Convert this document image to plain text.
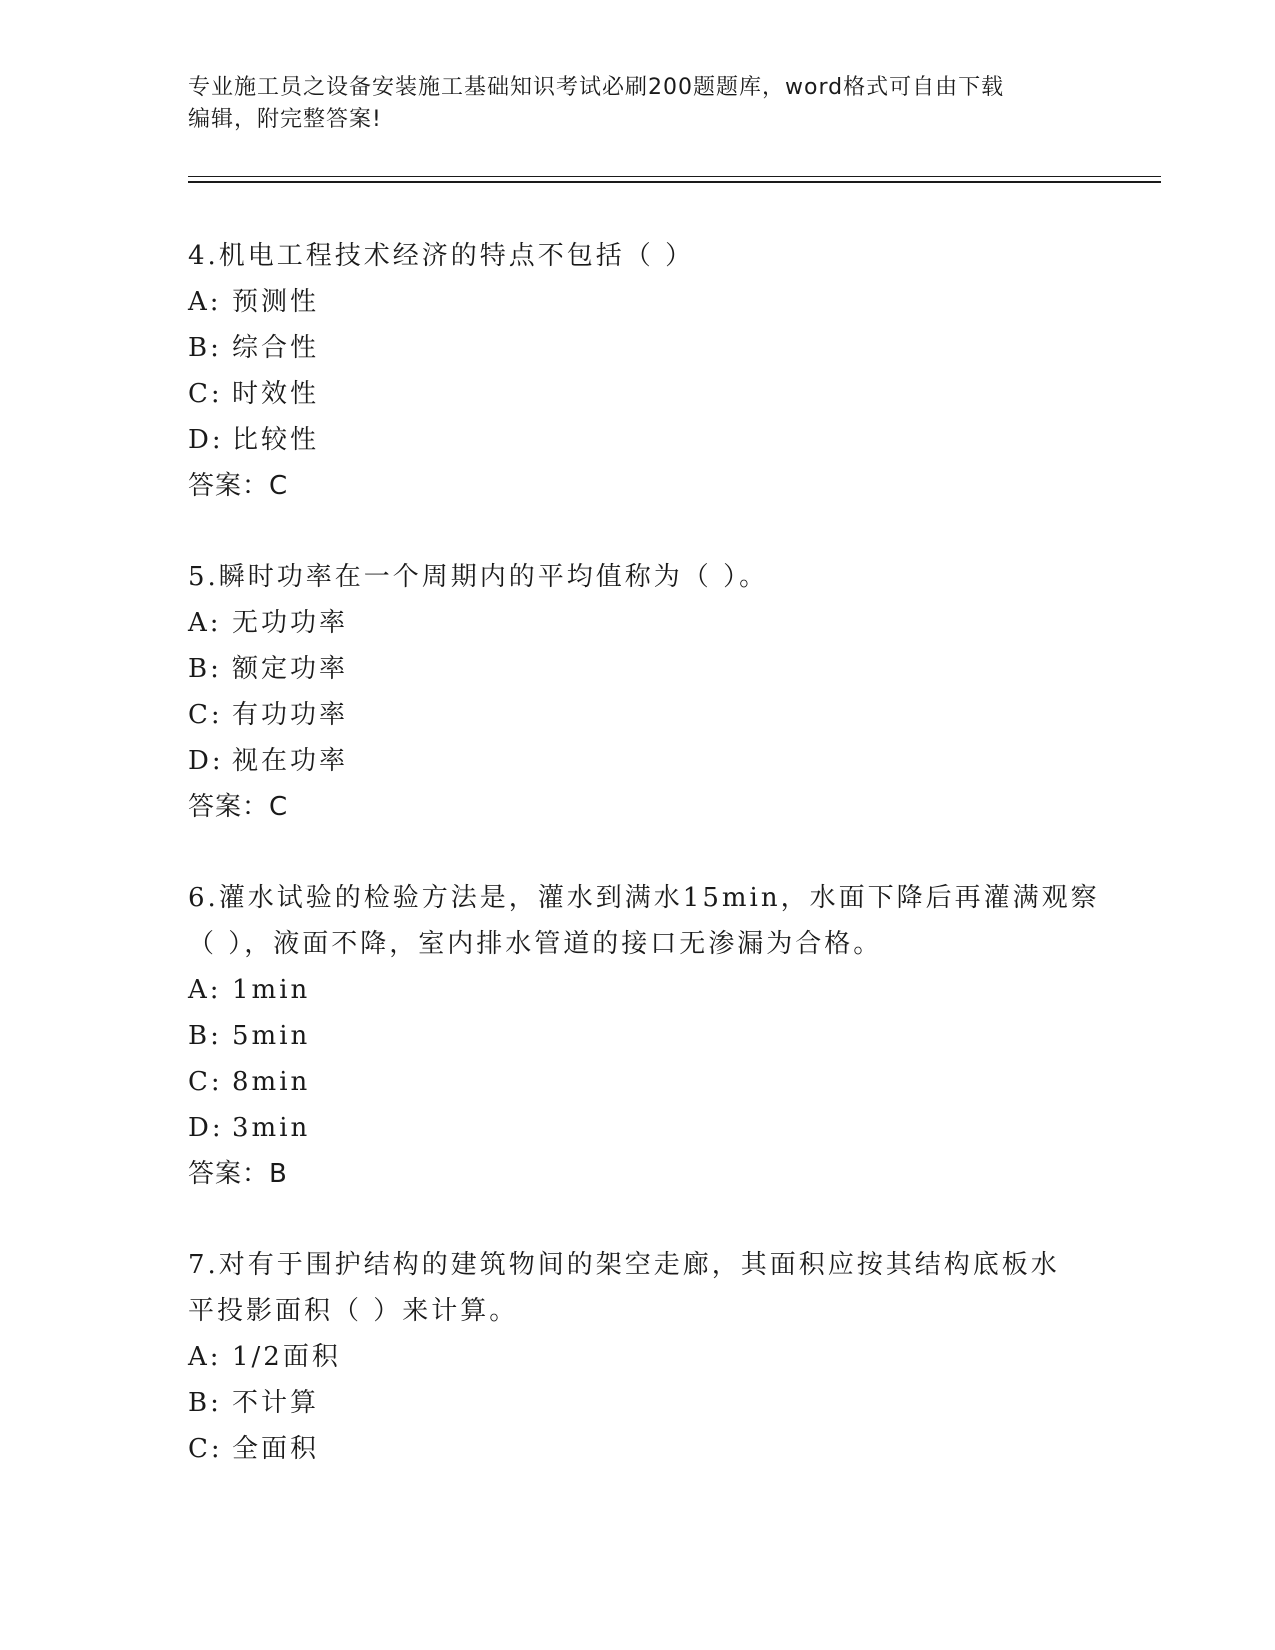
专业施工员之设备安装施工基础知识考试必刷200题题库，word格式可自由下载
编辑，附完整答案!
4.机电工程技术经济的特点不包括（ ）
A: 预测性
B: 综合性
C: 时效性
D: 比较性
答案：C
5.瞬时功率在一个周期内的平均值称为（ ）。
A: 无功功率
B: 额定功率
C: 有功功率
D: 视在功率
答案：C
6.灌水试验的检验方法是，灌水到满水15min，水面下降后再灌满观察
（ ），液面不降，室内排水管道的接口无渗漏为合格。
A: 1min
B: 5min
C: 8min
D: 3min
答案：B
7.对有于围护结构的建筑物间的架空走廊，其面积应按其结构底板水
平投影面积（ ）来计算。
A: 1/2面积
B: 不计算
C: 全面积
